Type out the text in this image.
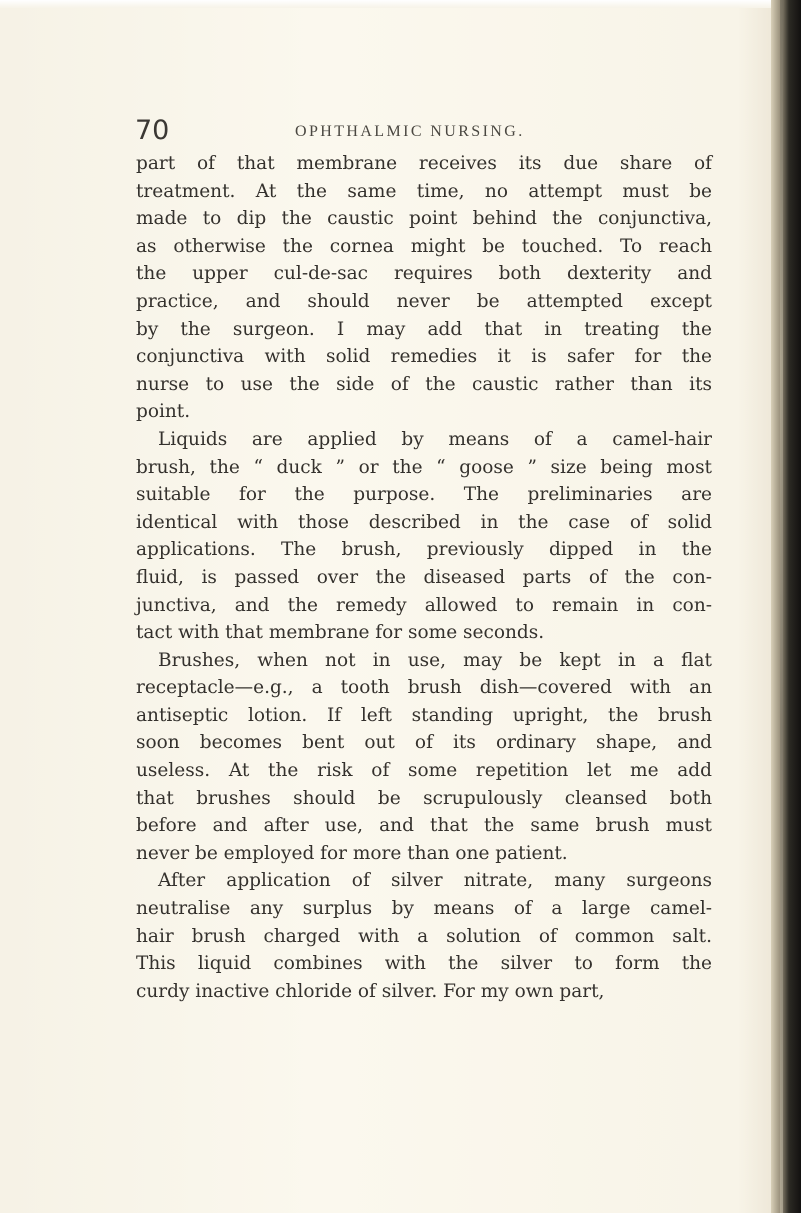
70	OPHTHALMIC NURSING.
part of that membrane receives its due share of
treatment. At the same time, no attempt must be
made to dip the caustic point behind the conjunctiva,
as otherwise the cornea might be touched. To reach
the upper cul-de-sac requires both dexterity and
practice, and should never be attempted except
by the surgeon. I may add that in treating the
conjunctiva with solid remedies it is safer for the
nurse to use the side of the caustic rather than its
point.
Liquids are applied by means of a camel-hair
brush, the “ duck ” or the “ goose ” size being most
suitable for the purpose. The preliminaries are
identical with those described in the case of solid
applications. The brush, previously dipped in the
fluid, is passed over the diseased parts of the con-
junctiva, and the remedy allowed to remain in con-
tact with that membrane for some seconds.
Brushes, when not in use, may be kept in a flat
receptacle—e.g., a tooth brush dish—covered with an
antiseptic lotion. If left standing upright, the brush
soon becomes bent out of its ordinary shape, and
useless. At the risk of some repetition let me add
that brushes should be scrupulously cleansed both
before and after use, and that the same brush must
never be employed for more than one patient.
After application of silver nitrate, many surgeons
neutralise any surplus by means of a large camel-
hair brush charged with a solution of common salt.
This liquid combines with the silver to form the
curdy inactive chloride of silver. For my own part,
